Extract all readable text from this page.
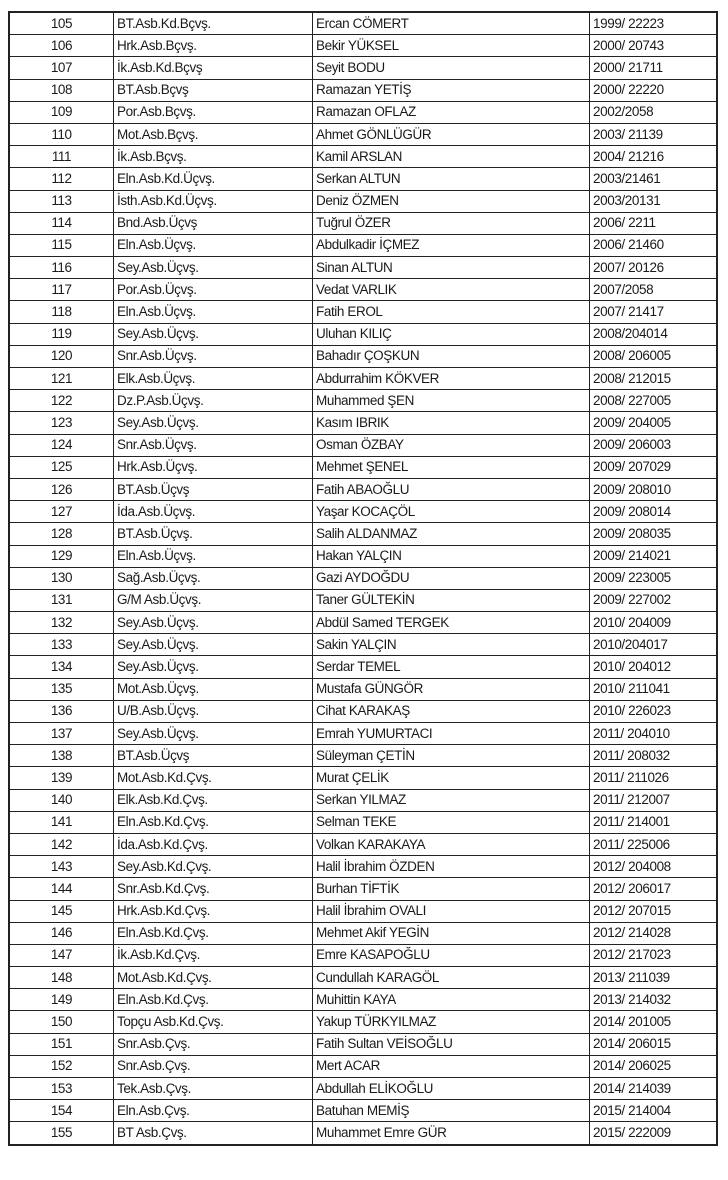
105	BT.Asb.Kd.Bçvş.	Ercan CÖMERT	1999/ 22223
106	Hrk.Asb.Bçvş.	Bekir YÜKSEL	2000/ 20743
107	İk.Asb.Kd.Bçvş	Seyit BODU	2000/ 21711
108	BT.Asb.Bçvş	Ramazan YETİŞ	2000/ 22220
109	Por.Asb.Bçvş.	Ramazan OFLAZ	2002/2058
110	Mot.Asb.Bçvş.	Ahmet GÖNLÜGÜR	2003/ 21139
111	İk.Asb.Bçvş.	Kamil ARSLAN	2004/ 21216
112	Eln.Asb.Kd.Üçvş.	Serkan ALTUN	2003/21461
113	İsth.Asb.Kd.Üçvş.	Deniz ÖZMEN	2003/20131
114	Bnd.Asb.Üçvş	Tuğrul ÖZER	2006/ 2211
115	Eln.Asb.Üçvş.	Abdulkadir İÇMEZ	2006/ 21460
116	Sey.Asb.Üçvş.	Sinan ALTUN	2007/ 20126
117	Por.Asb.Üçvş.	Vedat VARLIK	2007/2058
118	Eln.Asb.Üçvş.	Fatih EROL	2007/ 21417
119	Sey.Asb.Üçvş.	Uluhan KILIÇ	2008/204014
120	Snr.Asb.Üçvş.	Bahadır ÇOŞKUN	2008/ 206005
121	Elk.Asb.Üçvş.	Abdurrahim KÖKVER	2008/ 212015
122	Dz.P.Asb.Üçvş.	Muhammed ŞEN	2008/ 227005
123	Sey.Asb.Üçvş.	Kasım IBRIK	2009/ 204005
124	Snr.Asb.Üçvş.	Osman ÖZBAY	2009/ 206003
125	Hrk.Asb.Üçvş.	Mehmet ŞENEL	2009/ 207029
126	BT.Asb.Üçvş	Fatih ABAOĞLU	2009/ 208010
127	İda.Asb.Üçvş.	Yaşar KOCAÇÖL	2009/ 208014
128	BT.Asb.Üçvş.	Salih ALDANMAZ	2009/ 208035
129	Eln.Asb.Üçvş.	Hakan YALÇIN	2009/ 214021
130	Sağ.Asb.Üçvş.	Gazi AYDOĞDU	2009/ 223005
131	G/M Asb.Üçvş.	Taner GÜLTEKİN	2009/ 227002
132	Sey.Asb.Üçvş.	Abdül Samed TERGEK	2010/ 204009
133	Sey.Asb.Üçvş.	Sakin YALÇIN	2010/204017
134	Sey.Asb.Üçvş.	Serdar TEMEL	2010/ 204012
135	Mot.Asb.Üçvş.	Mustafa GÜNGÖR	2010/ 211041
136	U/B.Asb.Üçvş.	Cihat KARAKAŞ	2010/ 226023
137	Sey.Asb.Üçvş.	Emrah YUMURTACI	2011/ 204010
138	BT.Asb.Üçvş	Süleyman ÇETİN	2011/ 208032
139	Mot.Asb.Kd.Çvş.	Murat ÇELİK	2011/ 211026
140	Elk.Asb.Kd.Çvş.	Serkan YILMAZ	2011/ 212007
141	Eln.Asb.Kd.Çvş.	Selman TEKE	2011/ 214001
142	İda.Asb.Kd.Çvş.	Volkan KARAKAYA	2011/ 225006
143	Sey.Asb.Kd.Çvş.	Halil İbrahim ÖZDEN	2012/ 204008
144	Snr.Asb.Kd.Çvş.	Burhan TİFTİK	2012/ 206017
145	Hrk.Asb.Kd.Çvş.	Halil İbrahim OVALI	2012/ 207015
146	Eln.Asb.Kd.Çvş.	Mehmet Akif YEGİN	2012/ 214028
147	İk.Asb.Kd.Çvş.	Emre KASAPOĞLU	2012/ 217023
148	Mot.Asb.Kd.Çvş.	Cundullah KARAGÖL	2013/ 211039
149	Eln.Asb.Kd.Çvş.	Muhittin KAYA	2013/ 214032
150	Topçu Asb.Kd.Çvş.	Yakup TÜRKYILMAZ	2014/ 201005
151	Snr.Asb.Çvş.	Fatih Sultan VEİSOĞLU	2014/ 206015
152	Snr.Asb.Çvş.	Mert ACAR	2014/ 206025
153	Tek.Asb.Çvş.	Abdullah ELİKOĞLU	2014/ 214039
154	Eln.Asb.Çvş.	Batuhan MEMİŞ	2015/ 214004
155	BT Asb.Çvş.	Muhammet Emre GÜR	2015/ 222009
